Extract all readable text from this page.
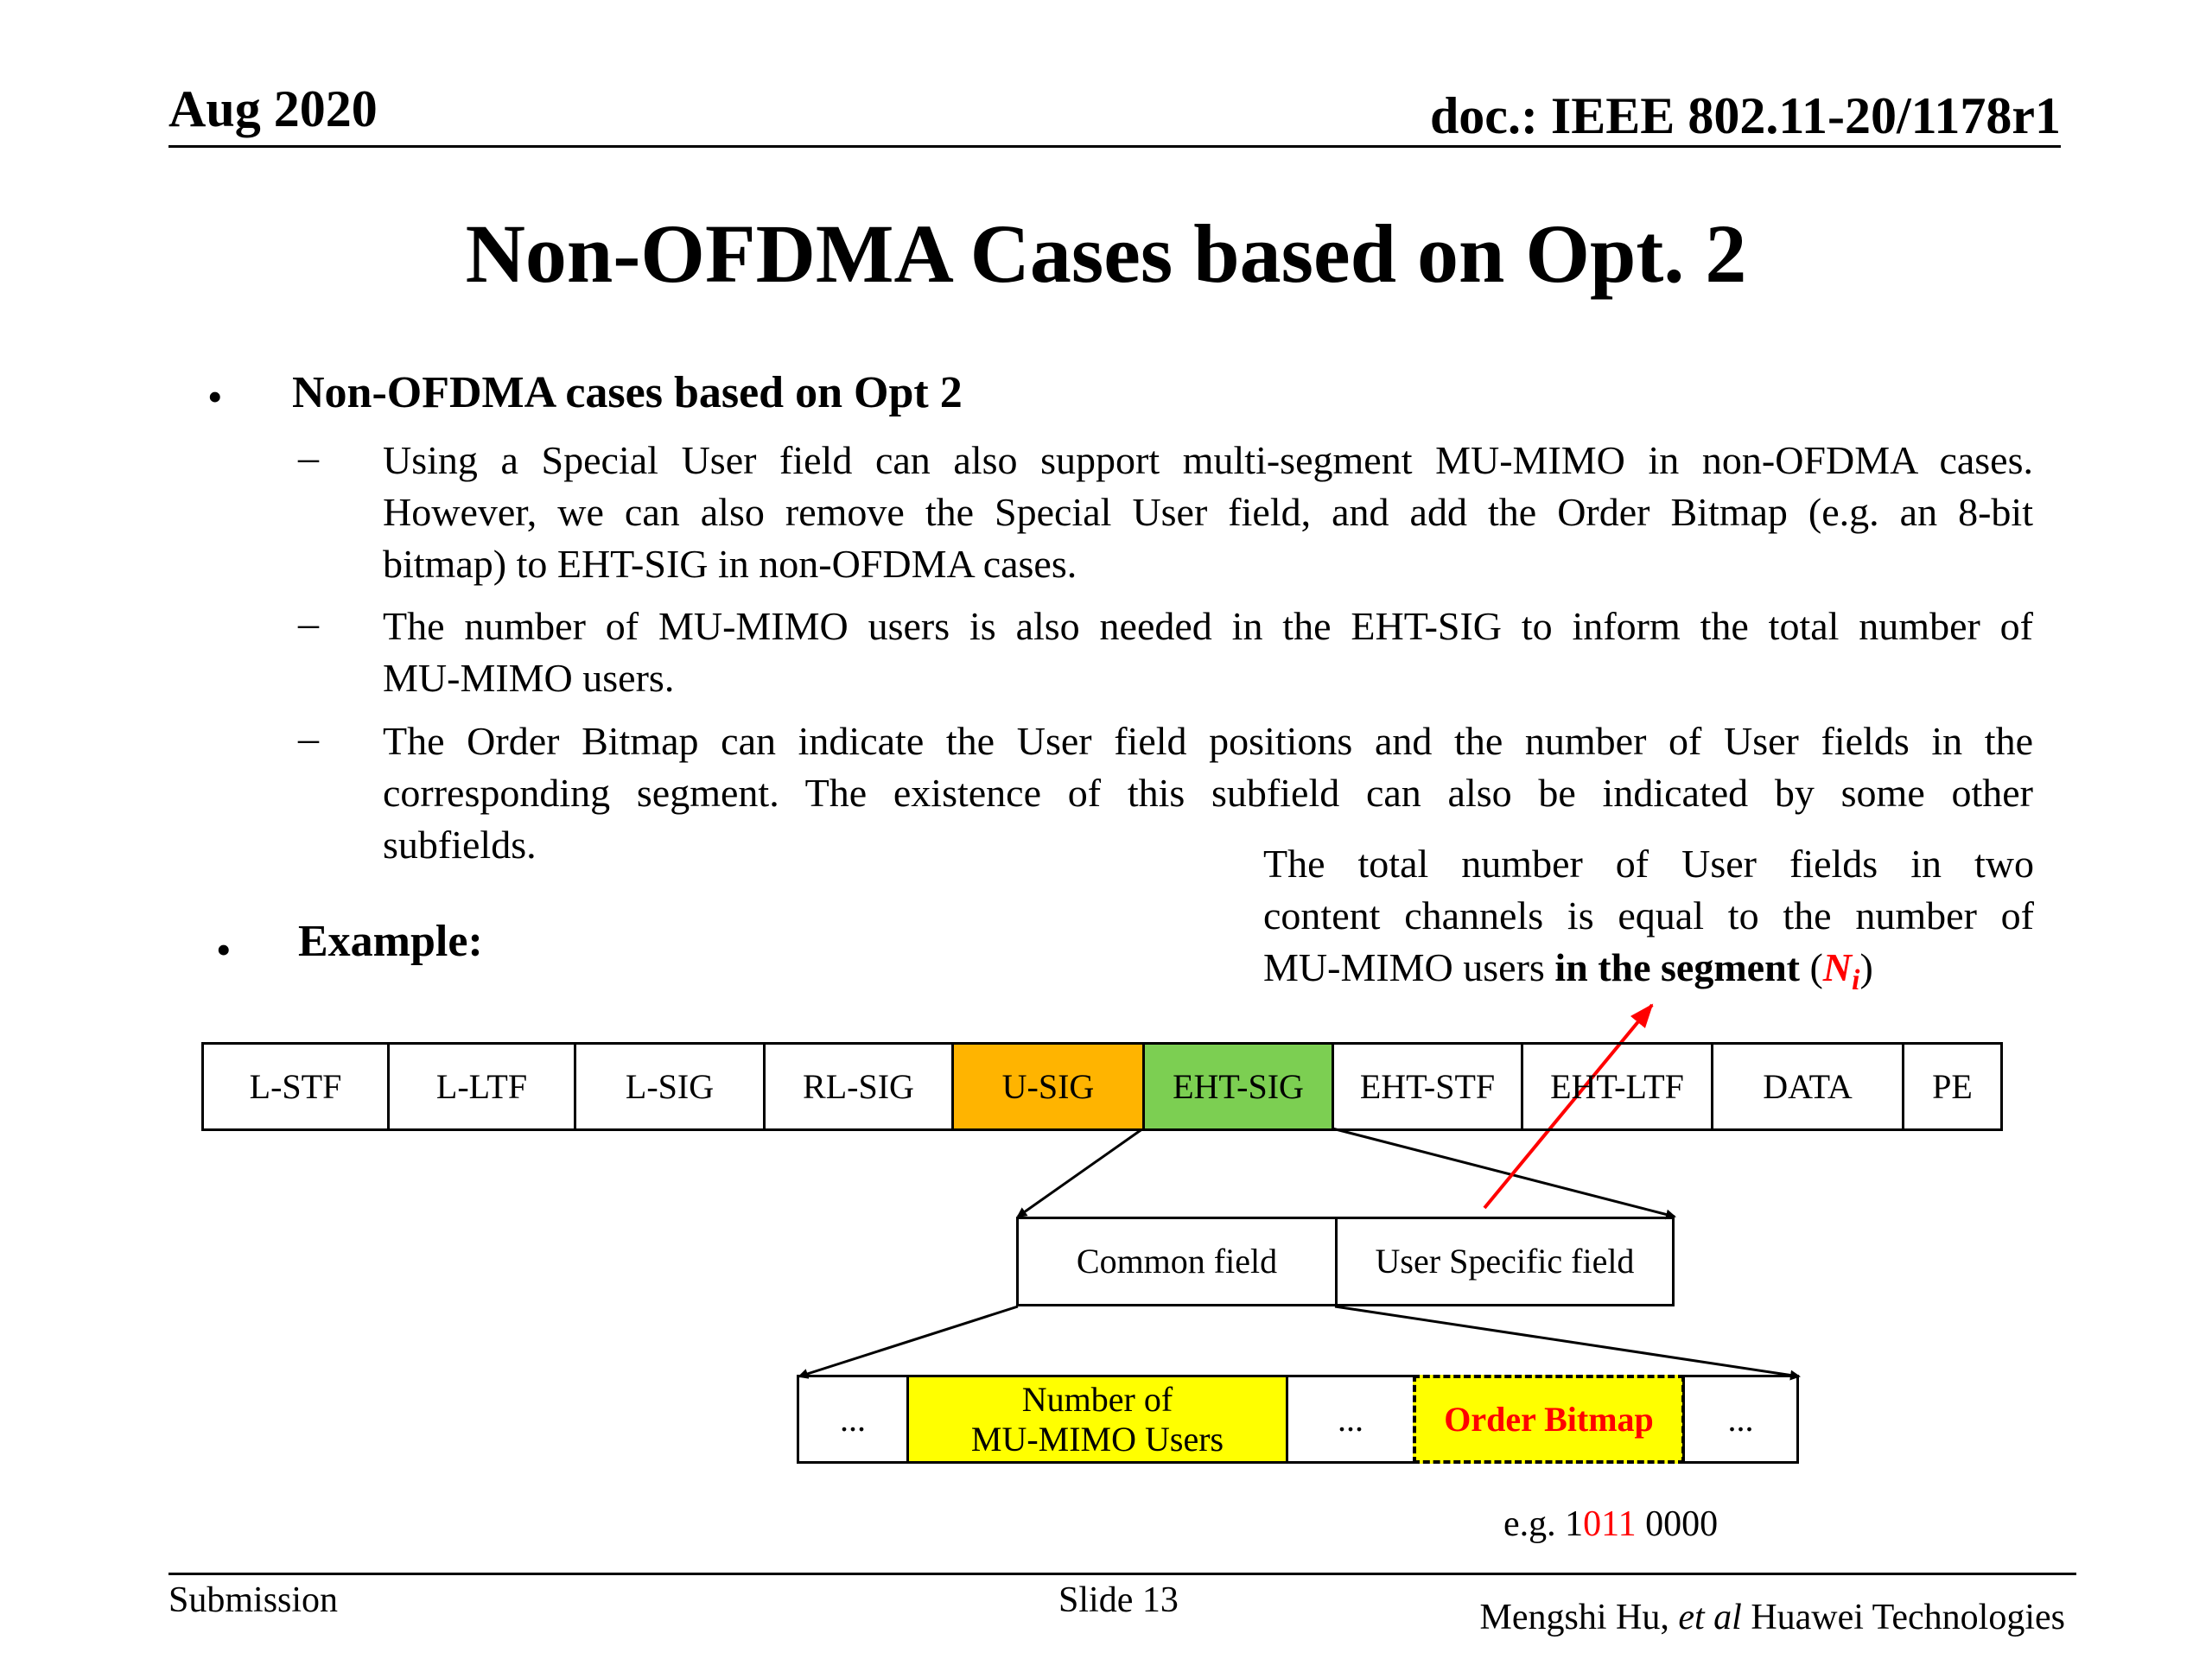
Aug 2020	doc.: IEEE 802.11-20/1178r1
Non-OFDMA Cases based on Opt. 2
• Non-OFDMA cases based on Opt 2
– Using a Special User field can also support multi-segment MU-MIMO in non-OFDMA cases.
However, we can also remove the Special User field, and add the Order Bitmap (e.g. an 8-bit
bitmap) to EHT-SIG in non-OFDMA cases.
– The number of MU-MIMO users is also needed in the EHT-SIG to inform the total number of
MU-MIMO users.
– The Order Bitmap can indicate the User field positions and the number of User fields in the
corresponding segment. The existence of this subfield can also be indicated by some other
subfields.
• Example:
The total number of User fields in two
content channels is equal to the number of
MU-MIMO users in the segment $(N_i)$
L-STF	L-LTF	L-SIG	RL-SIG	U-SIG	EHT-SIG	EHT-STF	EHT-LTF	DATA	PE
Common field	User Specific field
...
Number of
MU-MIMO Users
...	Order Bitmap	...
e.g. 1011 0000
Submission	Slide 13	Mengshi Hu, et al Huawei Technologies
